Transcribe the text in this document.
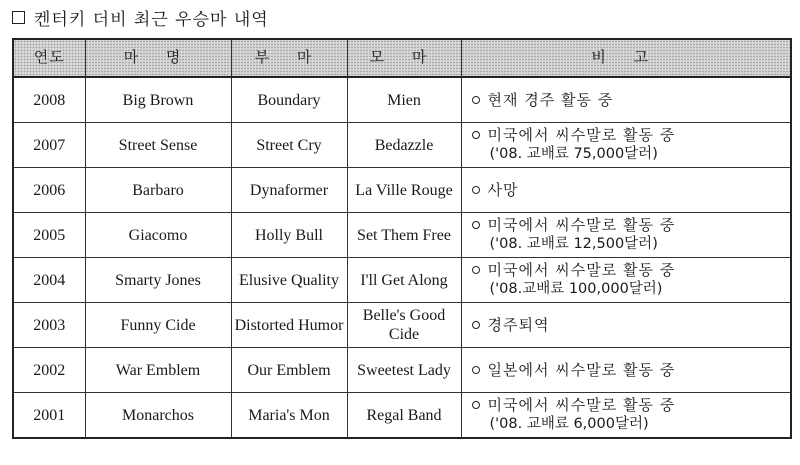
켄터키 더비 최근 우승마 내역
연도	마 명	부 마	모 마	비 고
2008	Big Brown	Boundary	Mien	현재 경주 활동 중

2007	Street Sense	Street Cry	Bedazzle	미국에서 씨수말로 활동 중
('08. 교배료 75,000달러)

2006	Barbaro	Dynaformer	La Ville Rouge	사망

2005	Giacomo	Holly Bull	Set Them Free	미국에서 씨수말로 활동 중
('08. 교배료 12,500달러)

2004	Smarty Jones	Elusive Quality	I'll Get Along	미국에서 씨수말로 활동 중
('08.교배료 100,000달러)

2003	Funny Cide	Distorted Humor	Belle's Good Cide	경주퇴역

2002	War Emblem	Our Emblem	Sweetest Lady	일본에서 씨수말로 활동 중

2001	Monarchos	Maria's Mon	Regal Band	미국에서 씨수말로 활동 중
('08. 교배료 6,000달러)
